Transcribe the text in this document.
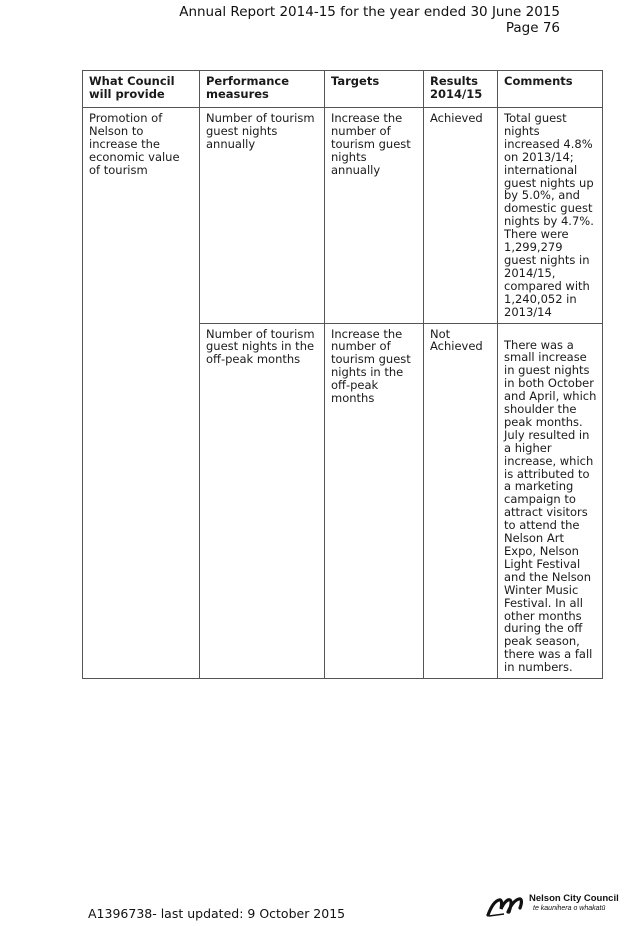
Annual Report 2014-15 for the year ended 30 June 2015
Page 76
What Council will provide	Performance measures	Targets	Results 2014/15	Comments
Promotion of Nelson to increase the economic value of tourism	Number of tourism guest nights annually	Increase the number of tourism guest nights annually	Achieved	Total guest nights increased 4.8% on 2013/14; international guest nights up by 5.0%, and domestic guest nights by 4.7%. There were 1,299,279 guest nights in 2014/15, compared with 1,240,052 in 2013/14
	Number of tourism guest nights in the off-peak months	Increase the number of tourism guest nights in the off-peak months	Not Achieved	There was a small increase in guest nights in both October and April, which shoulder the peak months. July resulted in a higher increase, which is attributed to a marketing campaign to attract visitors to attend the Nelson Art Expo, Nelson Light Festival and the Nelson Winter Music Festival. In all other months during the off peak season, there was a fall in numbers.
A1396738- last updated: 9 October 2015
Nelson City Council
te kaunihera o whakatū
